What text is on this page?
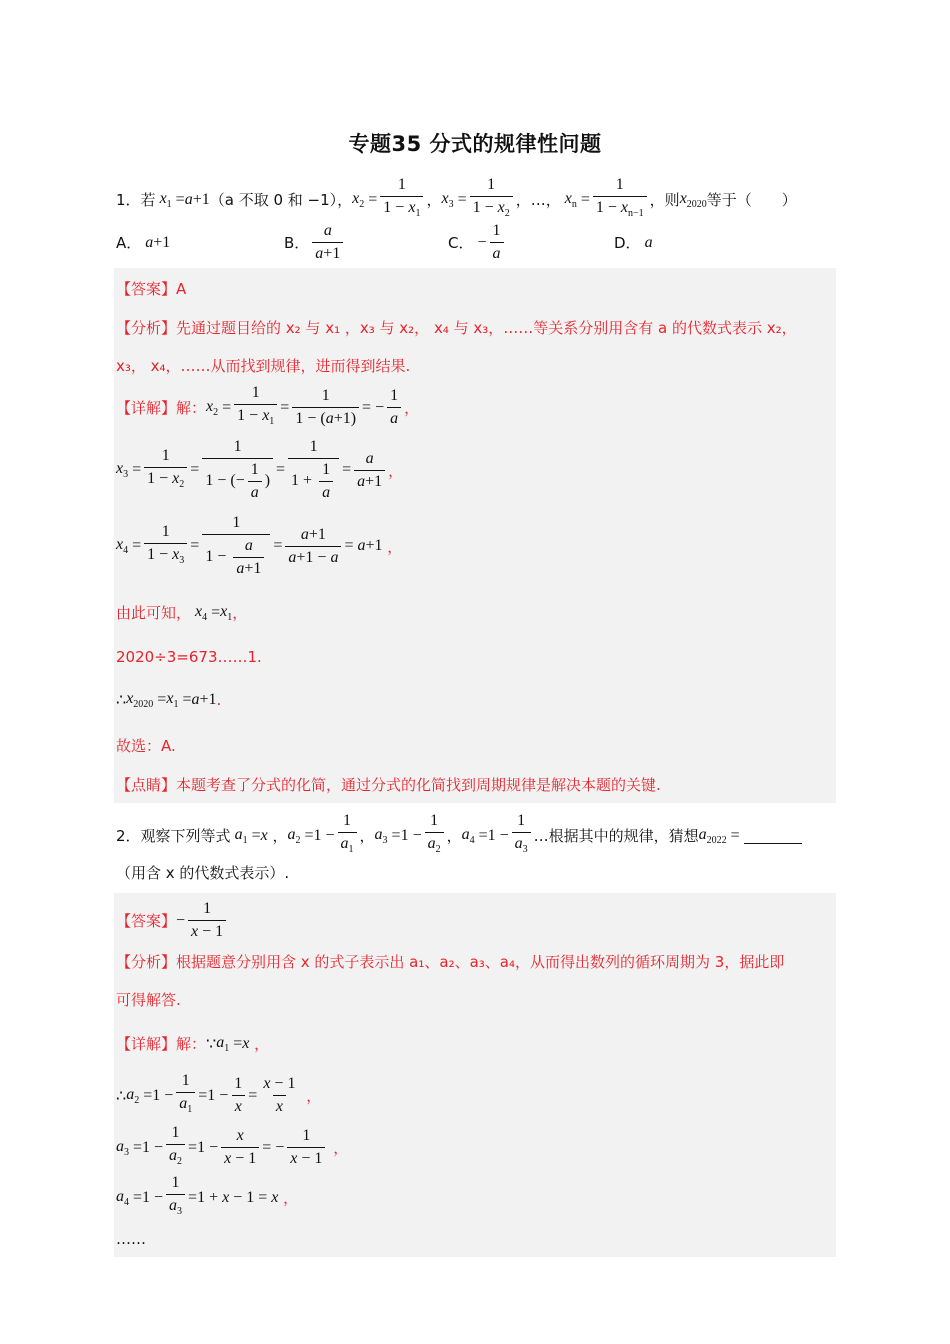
专题35 分式的规律性问题
1． 若 $x_1 = a +1$ （a 不取 0 和 −1）， $x_2 = \frac{1}{1 - x_1}$ ， $x_3 = \frac{1}{1 - x_2}$ ，…， $x_n = \frac{1}{1 - x_{n-1}}$ ，则 $x_{2020}$ 等于（　　）
A． a +1	B． $\frac{a}{a+1}$	C． − $\frac{1}{a}$	D． a
【答案】A
【分析】先通过题目给的 x₂ 与 x₁ ，x₃ 与 x₂， x₄ 与 x₃，……等关系分别用含有 a 的代数式表示 x₂，
x₃， x₄，……从而找到规律，进而得到结果.
【详解】解： $x_2 = \frac{1}{1 - x_1} = \frac{1}{1 - (a+1)}$ = − $\frac{1}{a}$ ，
$x_3 = \frac{1}{1 - x_2} = \frac{1}{1 - (- \frac{1}{a} )} = \frac{1}{1 + \frac{1}{a}} = \frac{a}{a+1}$ ，
$x_4 = \frac{1}{1 - x_3} = \frac{1}{1 - \frac{a}{a+1}} = \frac{a+1}{a+1 - a} = a+1$ ，
由此可知， $x_4 = x_1$ ，
2020÷3=673……1.
∴ $x_{2020} = x_1 = a +1$ .
故选：A.
【点睛】本题考查了分式的化简，通过分式的化简找到周期规律是解决本题的关键.
2． 观察下列等式 $a_1 = x$ ， $a_2 =1 - \frac{1}{a_1}$ ， $a_3 =1 - \frac{1}{a_2}$ ， $a_4 =1 - \frac{1}{a_3}$ …根据其中的规律，猜想 $a_{2022}$ =
（用含 x 的代数式表示）.
【答案】 − $\frac{1}{x - 1}$
【分析】根据题意分别用含 x 的式子表示出 a₁、a₂、a₃、a₄，从而得出数列的循环周期为 3，据此即
可得解答.
【详解】解： ∵ $a_1 = x$ ，
∴ $a_2 =1 - \frac{1}{a_1} =1 - \frac{1}{x} = \frac{x - 1}{x}$ ，
$a_3 =1 - \frac{1}{a_2} =1 - \frac{x}{x - 1}$ = − $\frac{1}{x - 1}$ ，
$a_4 =1 - \frac{1}{a_3} =1 + x - 1 = x$ ，
……
